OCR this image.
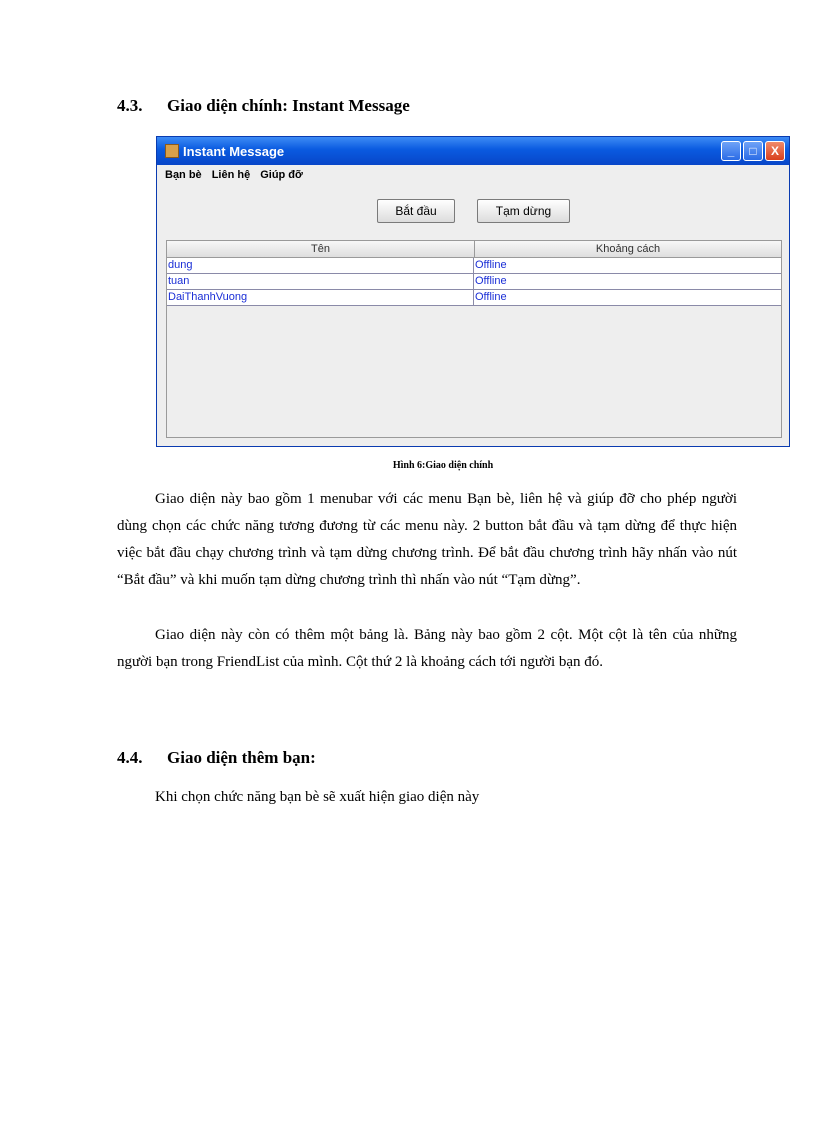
4.3. Giao diện chính: Instant Message
Instant Message	_	□	X
Bạn bè Liên hệ Giúp đỡ
Bắt đầu	Tạm dừng
Tên	Khoảng cách
dung	Offline
tuan	Offline
DaiThanhVuong	Offline
Hình 6:Giao diện chính

Giao diện này bao gồm 1 menubar với các menu Bạn bè, liên hệ và giúp đỡ cho phép người dùng chọn các chức năng tương đương từ các menu này. 2 button bắt đầu và tạm dừng để thực hiện việc bắt đầu chạy chương trình và tạm dừng chương trình. Để bắt đầu chương trình hãy nhấn vào nút “Bắt đầu” và khi muốn tạm dừng chương trình thì nhấn vào nút “Tạm dừng”.

Giao diện này còn có thêm một bảng là. Bảng này bao gồm 2 cột. Một cột là tên của những người bạn trong FriendList của mình. Cột thứ 2 là khoảng cách tới người bạn đó.

4.4. Giao diện thêm bạn:

Khi chọn chức năng bạn bè sẽ xuất hiện giao diện này
